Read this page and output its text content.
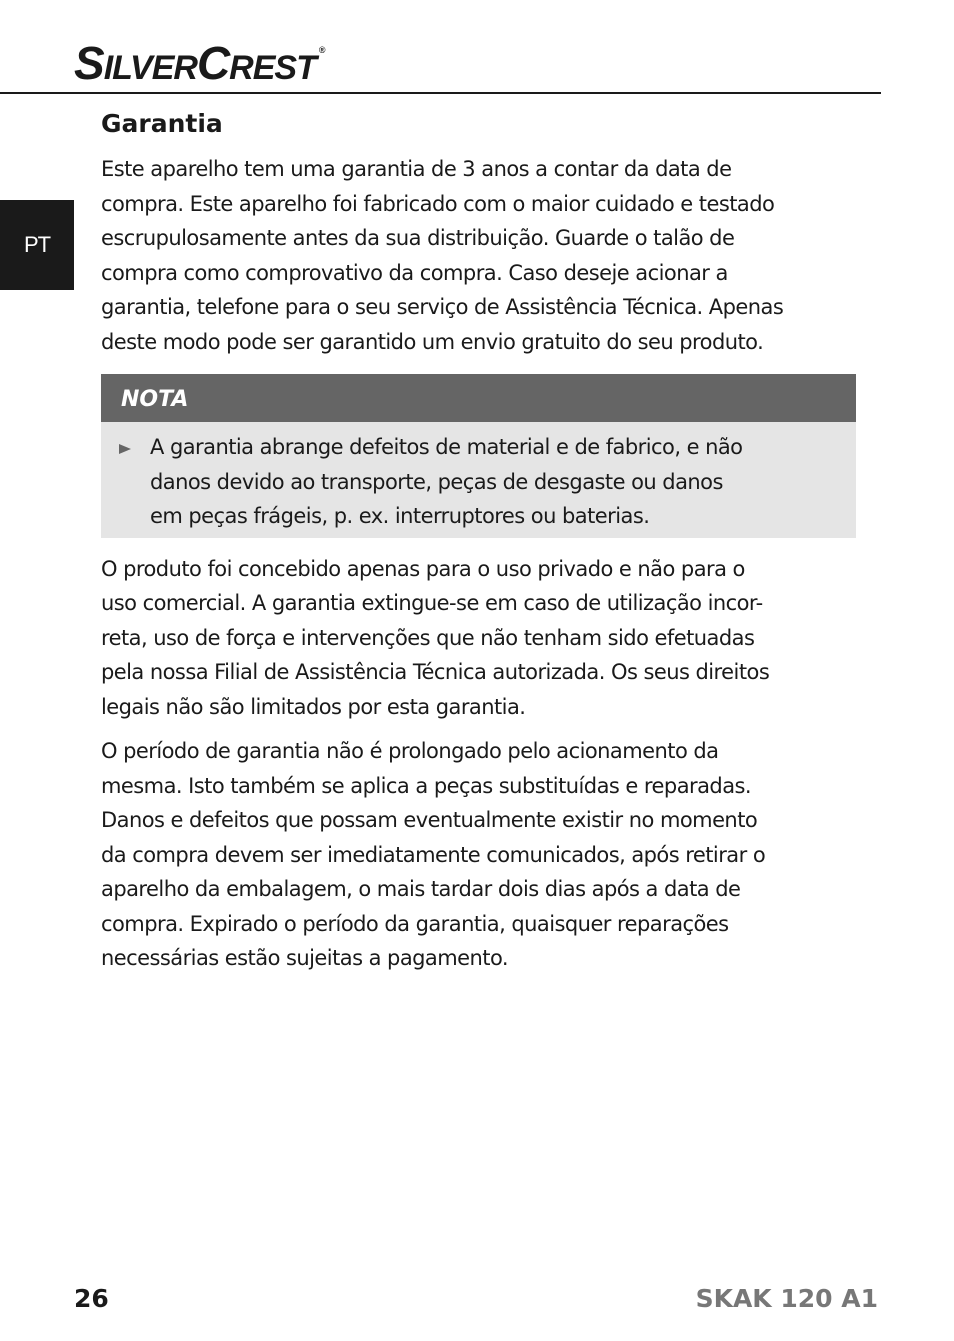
SILVERCREST ®
PT
Garantia

Este aparelho tem uma garantia de 3 anos a contar da data de
compra. Este aparelho foi fabricado com o maior cuidado e testado
escrupulosamente antes da sua distribuição. Guarde o talão de
compra como comprovativo da compra. Caso deseje acionar a
garantia, telefone para o seu serviço de Assistência Técnica. Apenas
deste modo pode ser garantido um envio gratuito do seu produto.

NOTA

A garantia abrange defeitos de material e de fabrico, e não
danos devido ao transporte, peças de desgaste ou danos
em peças frágeis, p. ex. interruptores ou baterias.

O produto foi concebido apenas para o uso privado e não para o
uso comercial. A garantia extingue-se em caso de utilização incor-
reta, uso de força e intervenções que não tenham sido efetuadas
pela nossa Filial de Assistência Técnica autorizada. Os seus direitos
legais não são limitados por esta garantia.

O período de garantia não é prolongado pelo acionamento da
mesma. Isto também se aplica a peças substituídas e reparadas.
Danos e defeitos que possam eventualmente existir no momento
da compra devem ser imediatamente comunicados, após retirar o
aparelho da embalagem, o mais tardar dois dias após a data de
compra. Expirado o período da garantia, quaisquer reparações
necessárias estão sujeitas a pagamento.

26	SKAK 120 A1
